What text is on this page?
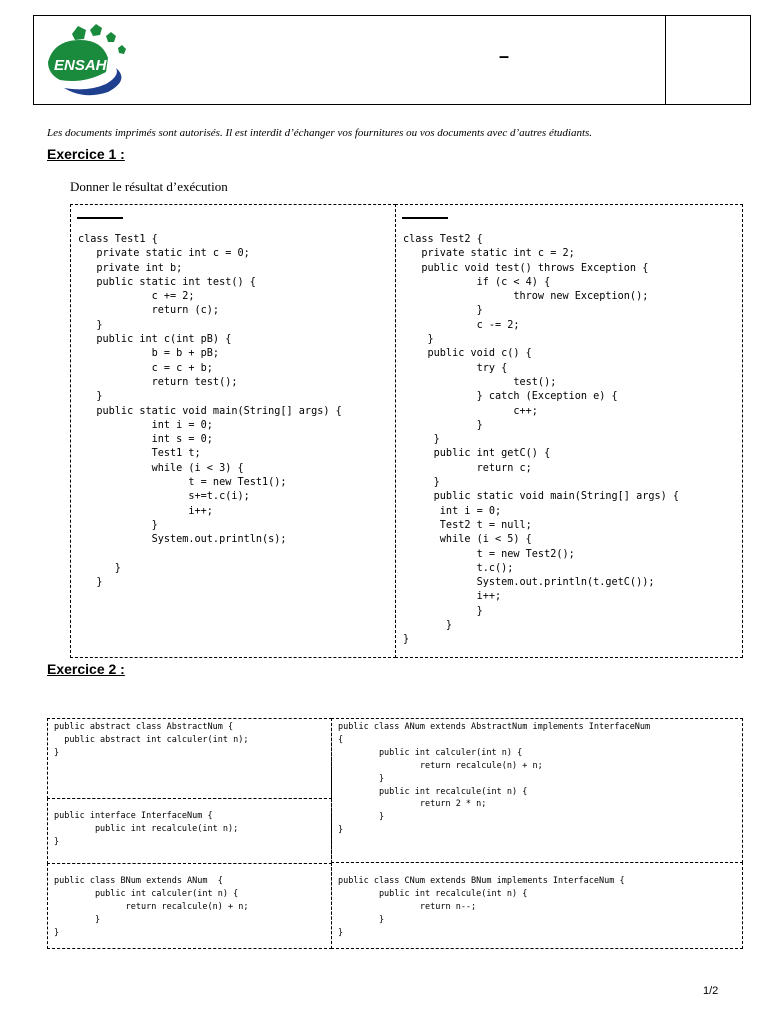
ENSAH	–
Les documents imprimés sont autorisés. Il est interdit d’échanger vos fournitures ou vos documents avec d’autres étudiants.
Exercice 1 :
Donner le résultat d’exécution
class Test1 {
private static int c = 0;
private int b;
public static int test() {
c += 2;
return (c);
}
public int c(int pB) {
b = b + pB;
c = c + b;
return test();
}
public static void main(String[] args) {
int i = 0;
int s = 0;
Test1 t;
while (i < 3) {
t = new Test1();
s+=t.c(i);
i++;
}
System.out.println(s);

}
}
class Test2 {
private static int c = 2;
public void test() throws Exception {
if (c < 4) {
throw new Exception();
}
c -= 2;
}
public void c() {
try {
test();
} catch (Exception e) {
c++;
}
}
public int getC() {
return c;
}
public static void main(String[] args) {
int i = 0;
Test2 t = null;
while (i < 5) {
t = new Test2();
t.c();
System.out.println(t.getC());
i++;
}
}
}
Exercice 2 :
public abstract class AbstractNum {
public abstract int calculer(int n);
}
public interface InterfaceNum {
public int recalcule(int n);
}
public class BNum extends ANum  {
public int calculer(int n) {
return recalcule(n) + n;
}
}
public class ANum extends AbstractNum implements InterfaceNum
{
public int calculer(int n) {
return recalcule(n) + n;
}
public int recalcule(int n) {
return 2 * n;
}
}
public class CNum extends BNum implements InterfaceNum {
public int recalcule(int n) {
return n--;
}
}
1/2
